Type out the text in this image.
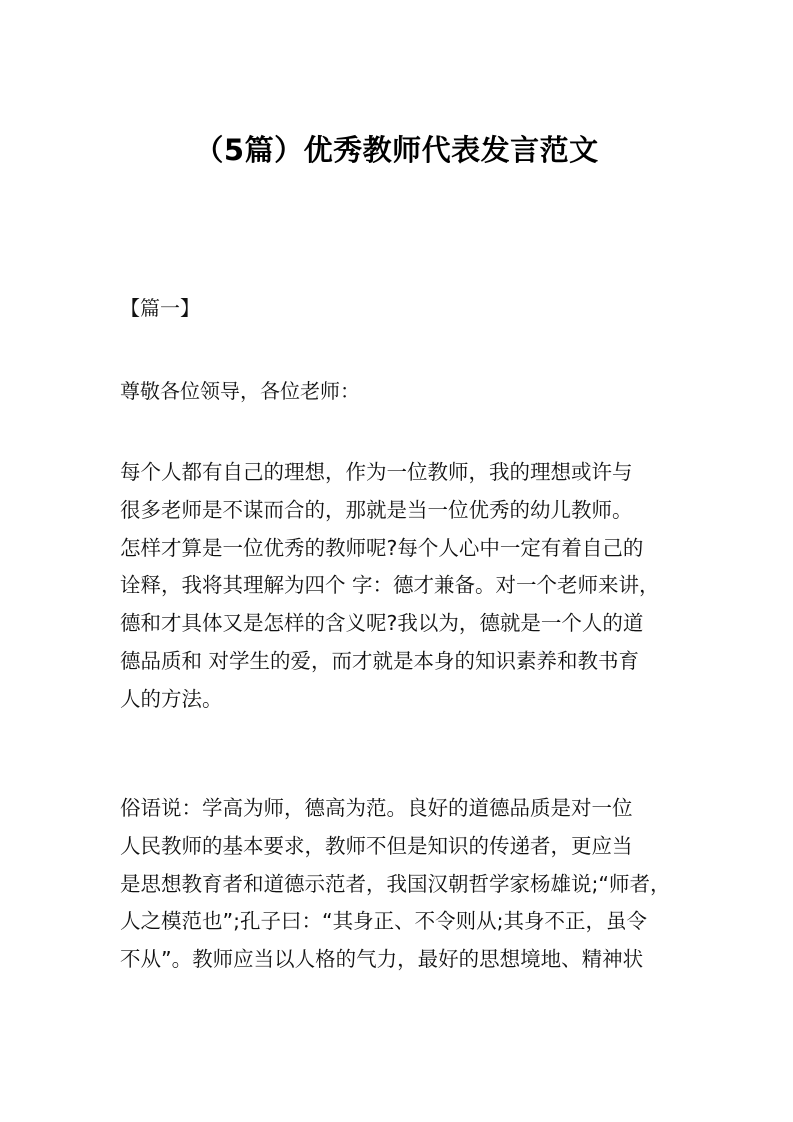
（5篇）优秀教师代表发言范文
【篇一】
尊敬各位领导，各位老师：
每个人都有自己的理想，作为一位教师，我的理想或许与
很多老师是不谋而合的，那就是当一位优秀的幼儿教师。
怎样才算是一位优秀的教师呢?每个人心中一定有着自己的
诠释，我将其理解为四个 字：德才兼备。对一个老师来讲，
德和才具体又是怎样的含义呢?我以为，德就是一个人的道
德品质和 对学生的爱，而才就是本身的知识素养和教书育
人的方法。
俗语说：学高为师，德高为范。良好的道德品质是对一位
人民教师的基本要求，教师不但是知识的传递者，更应当
是思想教育者和道德示范者，我国汉朝哲学家杨雄说;“师者，
人之模范也”;孔子曰：“其身正、不令则从;其身不正，虽令
不从”。教师应当以人格的气力，最好的思想境地、精神状
